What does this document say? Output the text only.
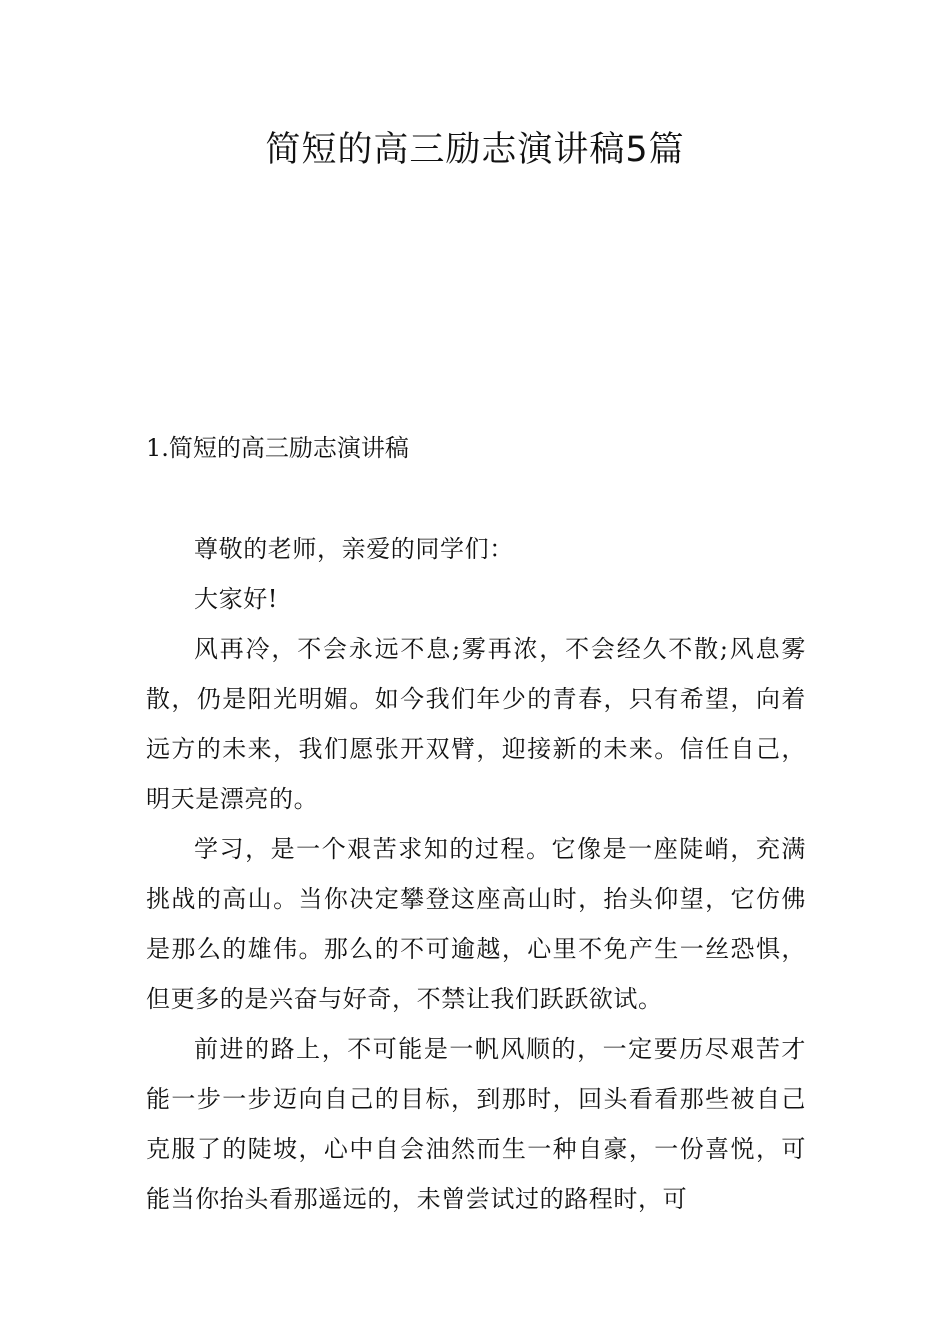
简短的高三励志演讲稿5篇
1.简短的高三励志演讲稿

尊敬的老师，亲爱的同学们：

大家好!

风再冷，不会永远不息;雾再浓，不会经久不散;风息雾散，仍是阳光明媚。如今我们年少的青春，只有希望，向着远方的未来，我们愿张开双臂，迎接新的未来。信任自己，明天是漂亮的。

学习，是一个艰苦求知的过程。它像是一座陡峭，充满挑战的高山。当你决定攀登这座高山时，抬头仰望，它仿佛是那么的雄伟。那么的不可逾越，心里不免产生一丝恐惧，但更多的是兴奋与好奇，不禁让我们跃跃欲试。

前进的路上，不可能是一帆风顺的，一定要历尽艰苦才能一步一步迈向自己的目标，到那时，回头看看那些被自己克服了的陡坡，心中自会油然而生一种自豪，一份喜悦，可能当你抬头看那遥远的，未曾尝试过的路程时，可
